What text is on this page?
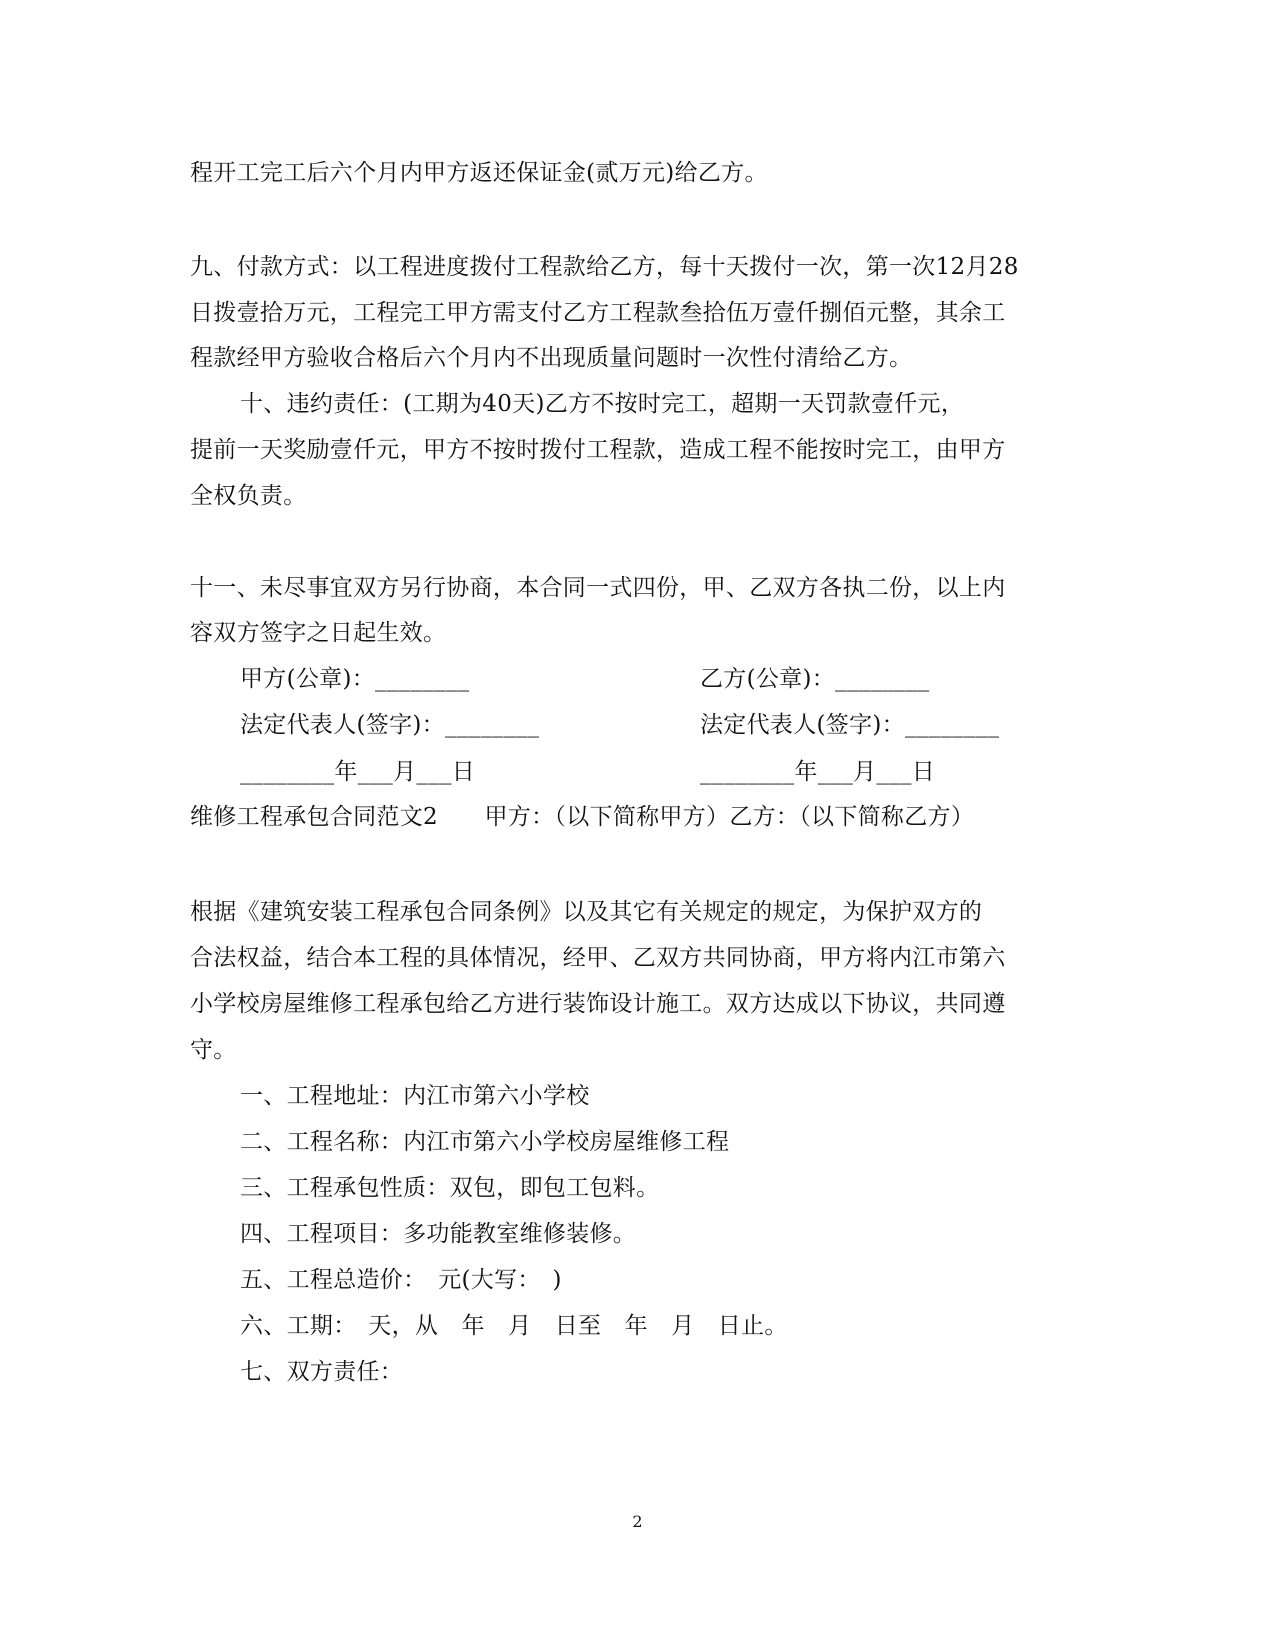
程开工完工后六个月内甲方返还保证金(贰万元)给乙方。
九、付款方式：以工程进度拨付工程款给乙方，每十天拨付一次，第一次12月28
日拨壹拾万元，工程完工甲方需支付乙方工程款叁拾伍万壹仟捌佰元整，其余工
程款经甲方验收合格后六个月内不出现质量问题时一次性付清给乙方。
十、违约责任：(工期为40天)乙方不按时完工，超期一天罚款壹仟元，
提前一天奖励壹仟元，甲方不按时拨付工程款，造成工程不能按时完工，由甲方
全权负责。
十一、未尽事宜双方另行协商，本合同一式四份，甲、乙双方各执二份，以上内
容双方签字之日起生效。
甲方(公章)：________	乙方(公章)：________
法定代表人(签字)：________	法定代表人(签字)：________
________年___月___日	________年___月___日
维修工程承包合同范文2　　甲方：（以下简称甲方）乙方：（以下简称乙方）
根据《建筑安装工程承包合同条例》以及其它有关规定的规定，为保护双方的
合法权益，结合本工程的具体情况，经甲、乙双方共同协商，甲方将内江市第六
小学校房屋维修工程承包给乙方进行装饰设计施工。双方达成以下协议，共同遵
守。
一、工程地址：内江市第六小学校
二、工程名称：内江市第六小学校房屋维修工程
三、工程承包性质：双包，即包工包料。
四、工程项目：多功能教室维修装修。
五、工程总造价：　元(大写：　)
六、工期：　天，从　年　月　日至　年　月　日止。
七、双方责任：
2
